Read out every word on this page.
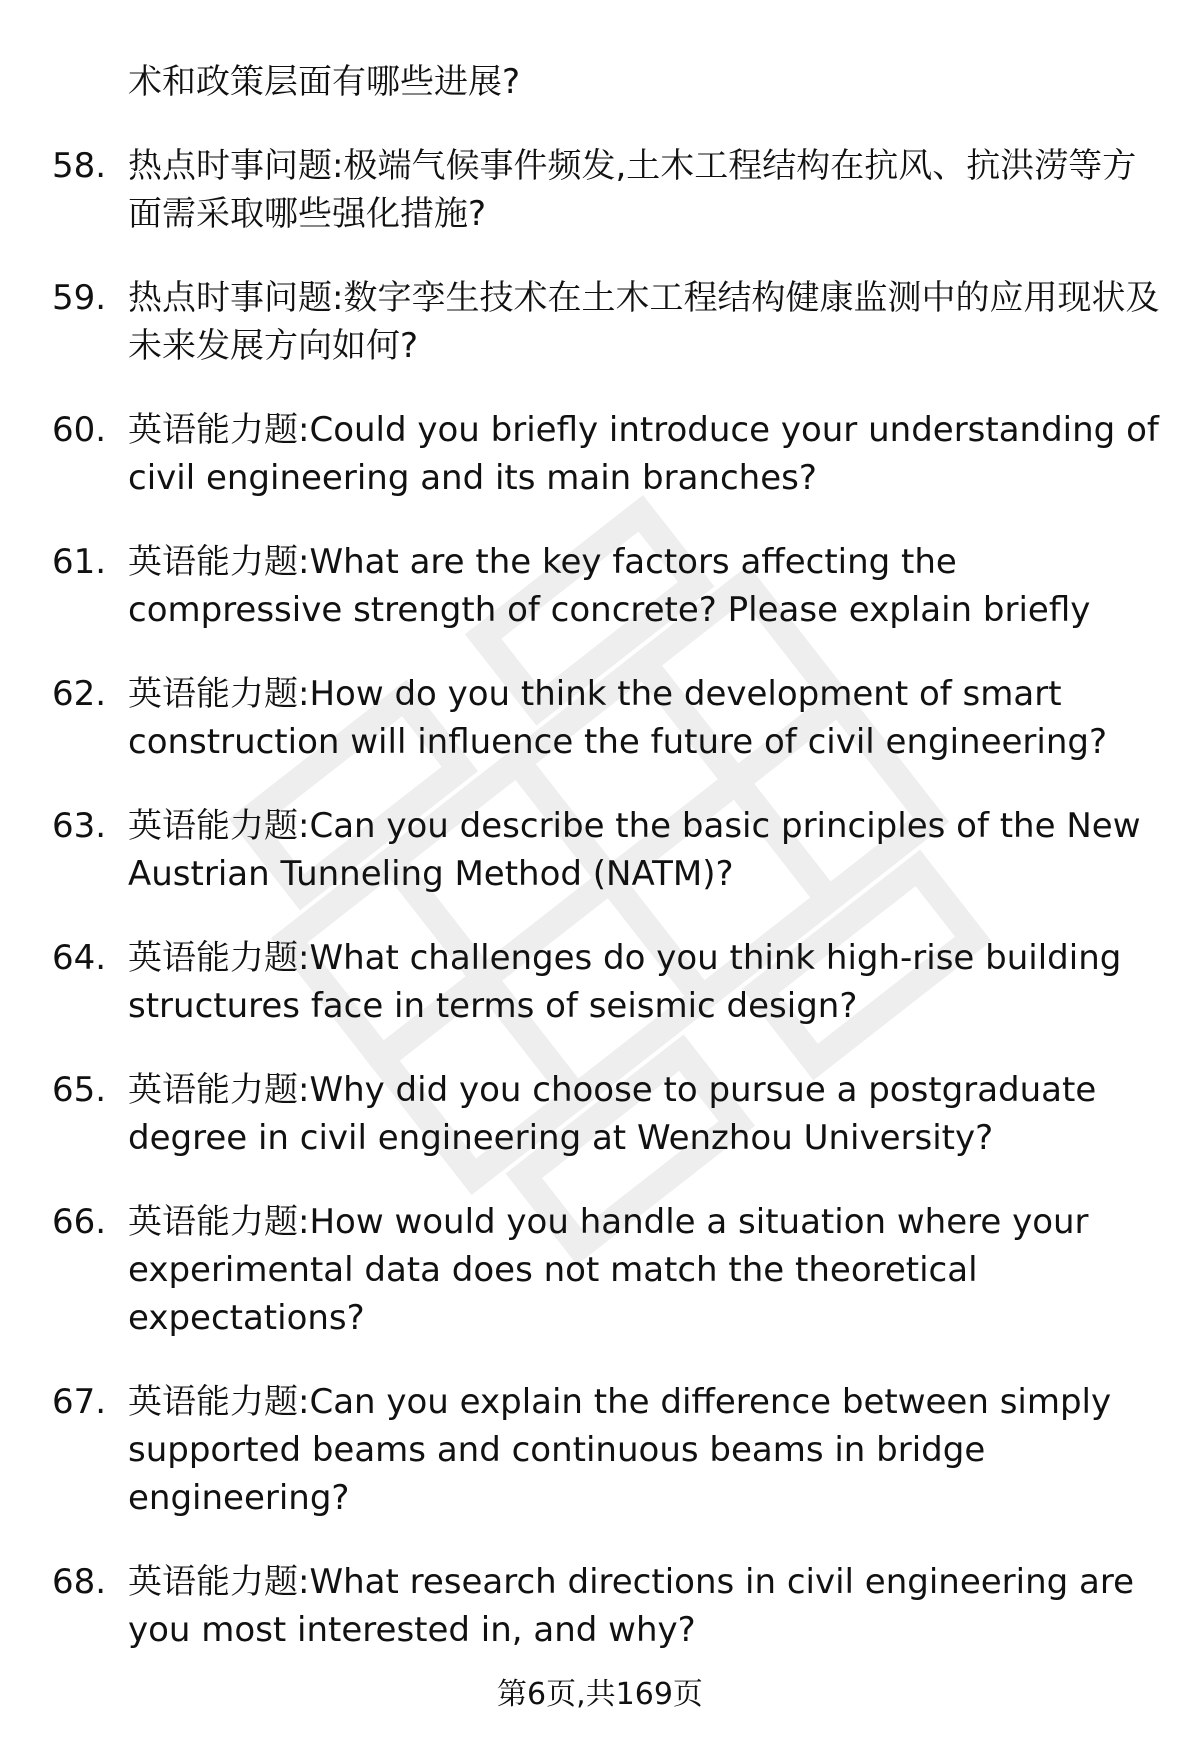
术和政策层面有哪些进展?
58. 热点时事问题:极端气候事件频发,土木工程结构在抗风、抗洪涝等方面需采取哪些强化措施?
59. 热点时事问题:数字孪生技术在土木工程结构健康监测中的应用现状及未来发展方向如何?
60. 英语能力题:Could you briefly introduce your understanding of civil engineering and its main branches?
61. 英语能力题:What are the key factors affecting the compressive strength of concrete? Please explain briefly
62. 英语能力题:How do you think the development of smart construction will influence the future of civil engineering?
63. 英语能力题:Can you describe the basic principles of the New Austrian Tunneling Method (NATM)?
64. 英语能力题:What challenges do you think high-rise building structures face in terms of seismic design?
65. 英语能力题:Why did you choose to pursue a postgraduate degree in civil engineering at Wenzhou University?
66. 英语能力题:How would you handle a situation where your experimental data does not match the theoretical expectations?
67. 英语能力题:Can you explain the difference between simply supported beams and continuous beams in bridge engineering?
68. 英语能力题:What research directions in civil engineering are you most interested in, and why?
第6页,共169页
